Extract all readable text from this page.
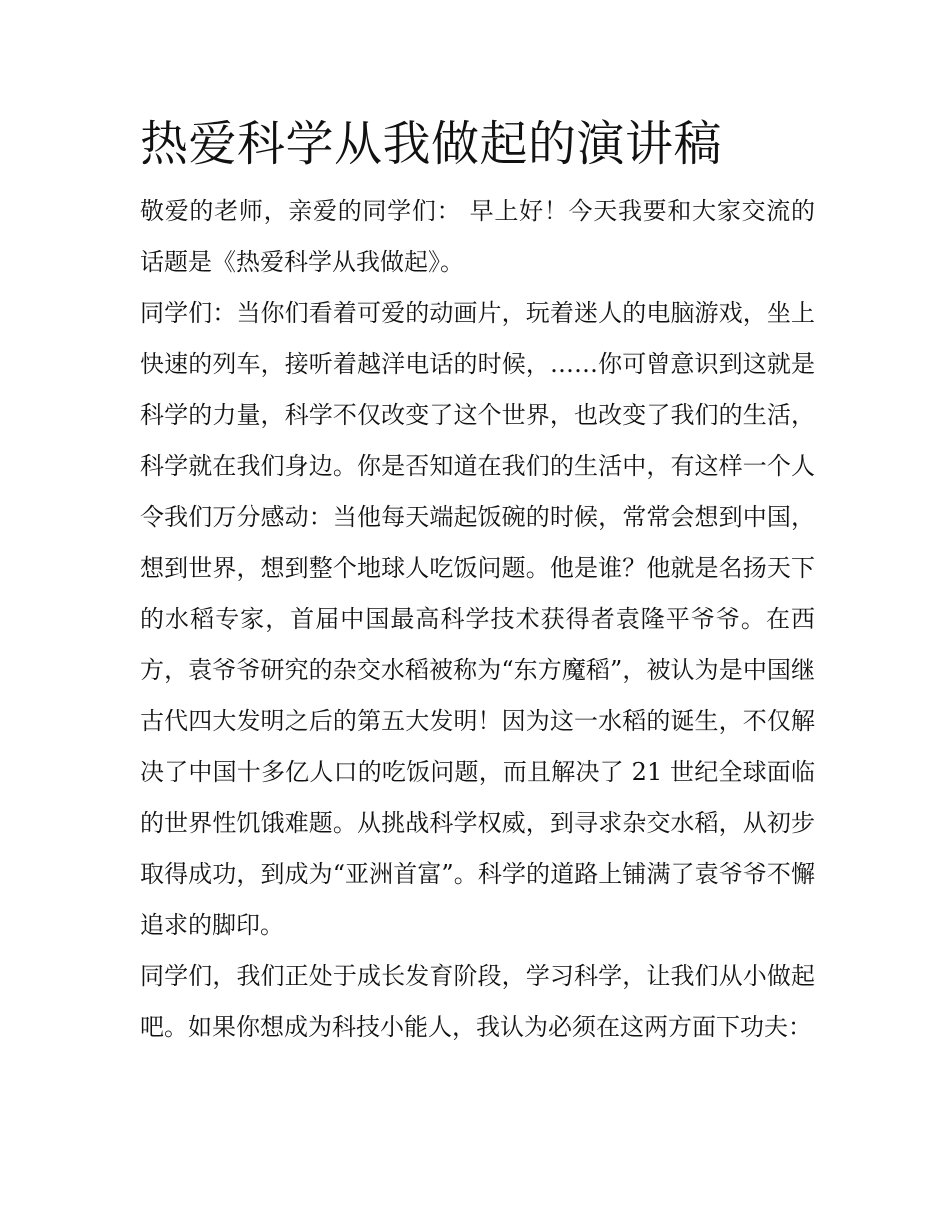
热爱科学从我做起的演讲稿

敬爱的老师，亲爱的同学们： 早上好！今天我要和大家交流的话题是《热爱科学从我做起》。

同学们：当你们看着可爱的动画片，玩着迷人的电脑游戏，坐上快速的列车，接听着越洋电话的时候，……你可曾意识到这就是科学的力量，科学不仅改变了这个世界，也改变了我们的生活，科学就在我们身边。你是否知道在我们的生活中，有这样一个人令我们万分感动：当他每天端起饭碗的时候，常常会想到中国，想到世界，想到整个地球人吃饭问题。他是谁？他就是名扬天下的水稻专家，首届中国最高科学技术获得者袁隆平爷爷。在西方，袁爷爷研究的杂交水稻被称为“东方魔稻”，被认为是中国继古代四大发明之后的第五大发明！因为这一水稻的诞生，不仅解决了中国十多亿人口的吃饭问题，而且解决了 21 世纪全球面临的世界性饥饿难题。从挑战科学权威，到寻求杂交水稻，从初步取得成功，到成为“亚洲首富”。科学的道路上铺满了袁爷爷不懈追求的脚印。

同学们，我们正处于成长发育阶段，学习科学，让我们从小做起吧。如果你想成为科技小能人，我认为必须在这两方面下功夫：
